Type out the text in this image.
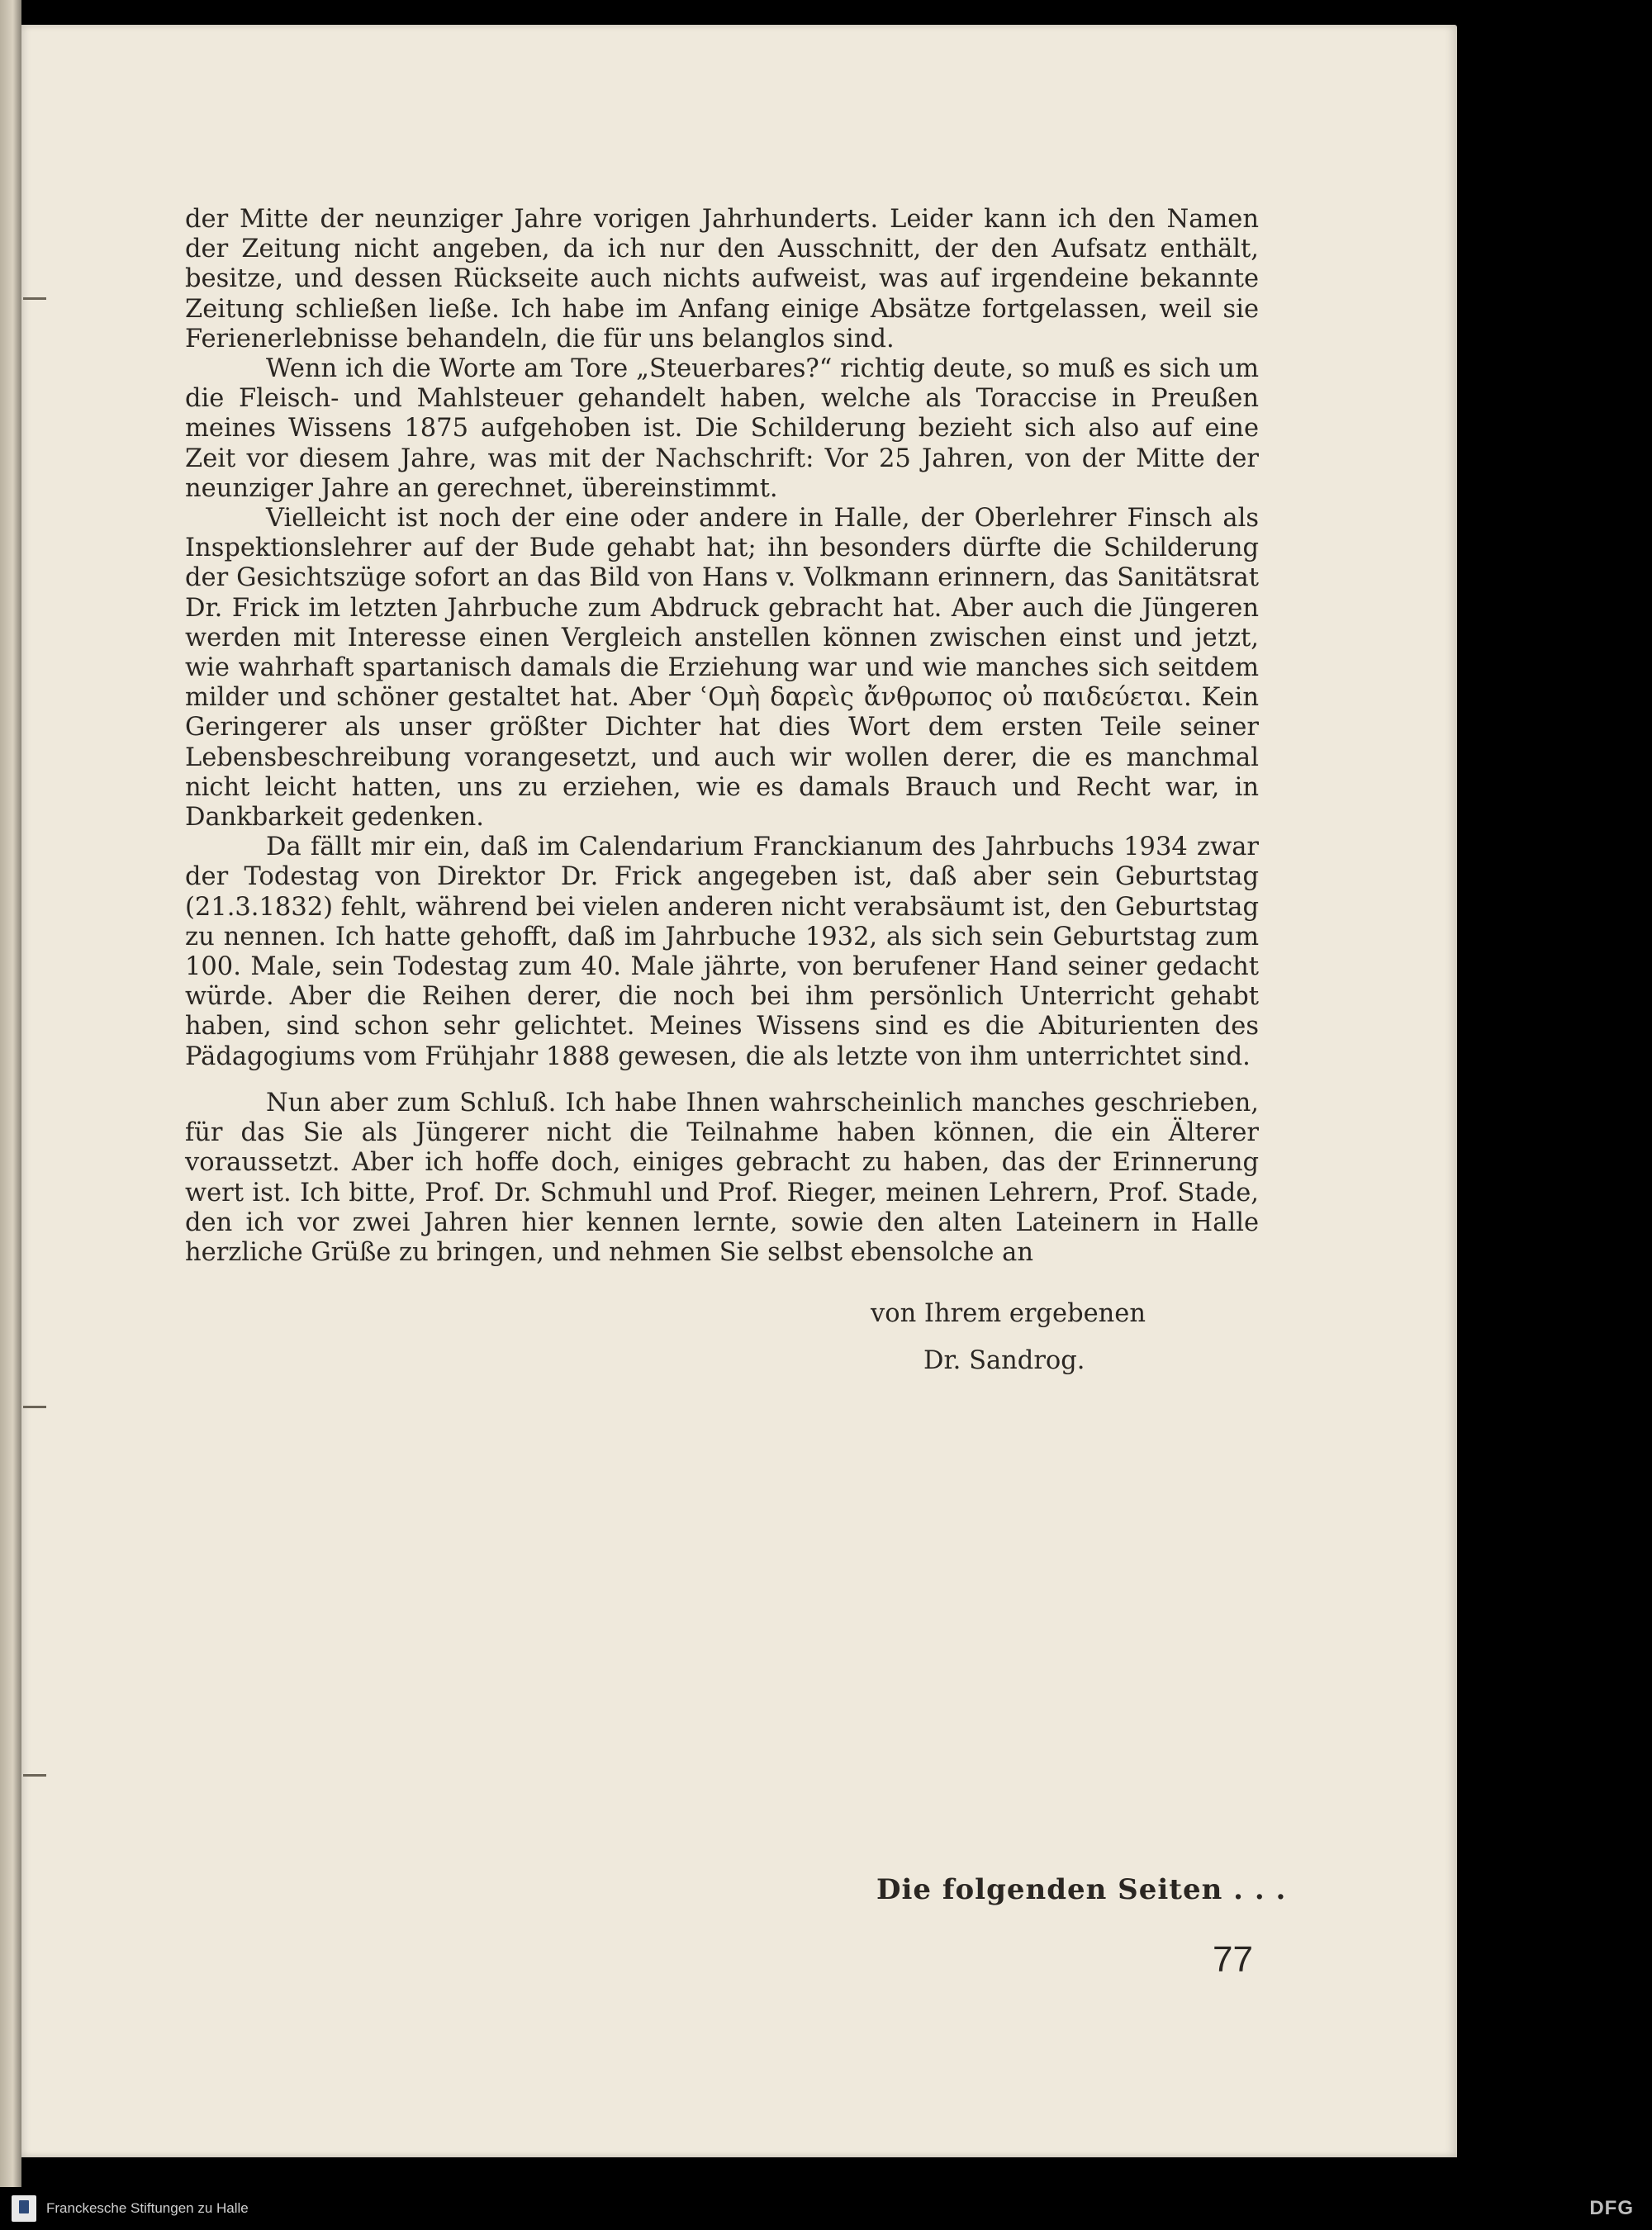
der Mitte der neunziger Jahre vorigen Jahrhunderts. Leider kann ich den Namen der Zeitung nicht angeben, da ich nur den Ausschnitt, der den Aufsatz enthält, besitze, und dessen Rückseite auch nichts aufweist, was auf irgendeine bekannte Zeitung schließen ließe. Ich habe im Anfang einige Absätze fortgelassen, weil sie Ferienerlebnisse behandeln, die für uns belanglos sind.

Wenn ich die Worte am Tore „Steuerbares?“ richtig deute, so muß es sich um die Fleisch- und Mahlsteuer gehandelt haben, welche als Toraccise in Preußen meines Wissens 1875 aufgehoben ist. Die Schilderung bezieht sich also auf eine Zeit vor diesem Jahre, was mit der Nachschrift: Vor 25 Jahren, von der Mitte der neunziger Jahre an gerechnet, übereinstimmt.

Vielleicht ist noch der eine oder andere in Halle, der Oberlehrer Finsch als Inspektionslehrer auf der Bude gehabt hat; ihn besonders dürfte die Schilderung der Gesichtszüge sofort an das Bild von Hans v. Volkmann erinnern, das Sanitätsrat Dr. Frick im letzten Jahrbuche zum Abdruck gebracht hat. Aber auch die Jüngeren werden mit Interesse einen Vergleich anstellen können zwischen einst und jetzt, wie wahrhaft spartanisch damals die Erziehung war und wie manches sich seitdem milder und schöner gestaltet hat. Aber ʿΟμὴ δαρεὶς ἄνθρωπος οὐ παιδεύεται. Kein Geringerer als unser größter Dichter hat dies Wort dem ersten Teile seiner Lebensbeschreibung vorangesetzt, und auch wir wollen derer, die es manchmal nicht leicht hatten, uns zu erziehen, wie es damals Brauch und Recht war, in Dankbarkeit gedenken.

Da fällt mir ein, daß im Calendarium Franckianum des Jahrbuchs 1934 zwar der Todestag von Direktor Dr. Frick angegeben ist, daß aber sein Geburtstag (21.3.1832) fehlt, während bei vielen anderen nicht verabsäumt ist, den Geburtstag zu nennen. Ich hatte gehofft, daß im Jahrbuche 1932, als sich sein Geburtstag zum 100. Male, sein Todestag zum 40. Male jährte, von berufener Hand seiner gedacht würde. Aber die Reihen derer, die noch bei ihm persönlich Unterricht gehabt haben, sind schon sehr gelichtet. Meines Wissens sind es die Abiturienten des Pädagogiums vom Frühjahr 1888 gewesen, die als letzte von ihm unterrichtet sind.

Nun aber zum Schluß. Ich habe Ihnen wahrscheinlich manches geschrieben, für das Sie als Jüngerer nicht die Teilnahme haben können, die ein Älterer voraussetzt. Aber ich hoffe doch, einiges gebracht zu haben, das der Erinnerung wert ist. Ich bitte, Prof. Dr. Schmuhl und Prof. Rieger, meinen Lehrern, Prof. Stade, den ich vor zwei Jahren hier kennen lernte, sowie den alten Lateinern in Halle herzliche Grüße zu bringen, und nehmen Sie selbst ebensolche an

von Ihrem ergebenen
Dr. Sandrog.
Die folgenden Seiten . . .
77
Franckesche Stiftungen zu Halle	DFG
